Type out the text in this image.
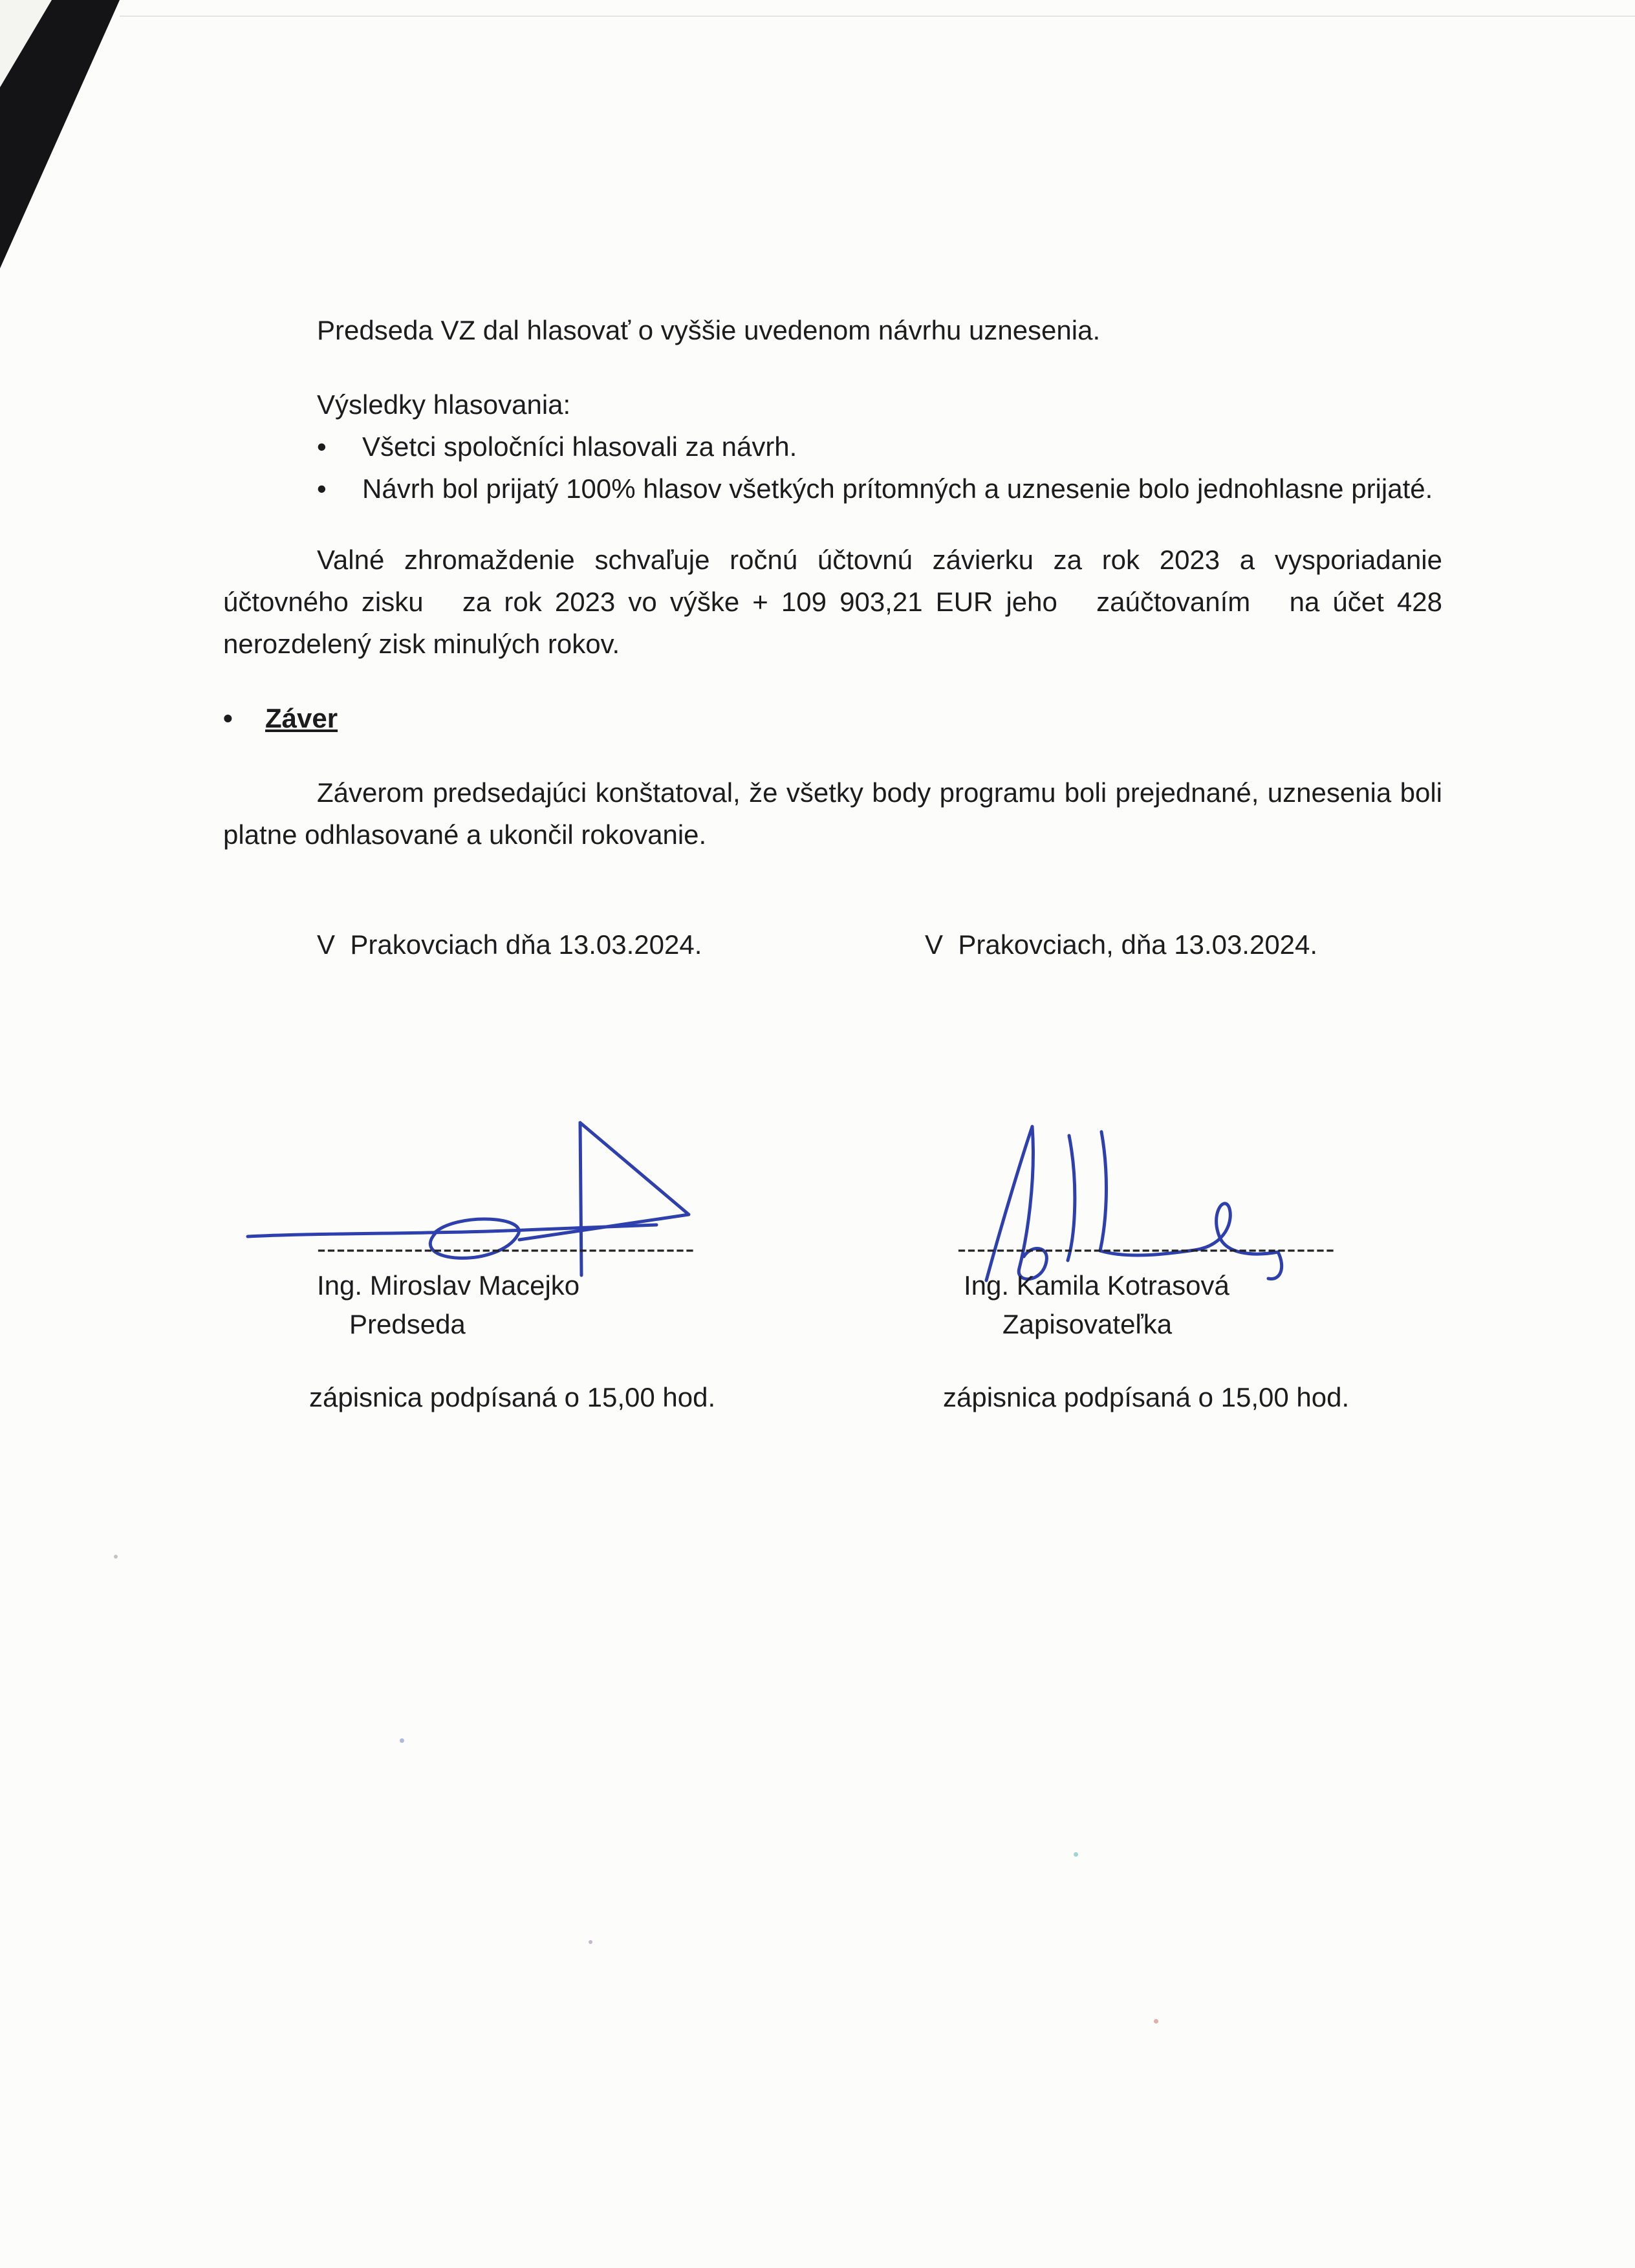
Predseda VZ dal hlasovať o vyššie uvedenom návrhu uznesenia.

Výsledky hlasovania:

• Všetci spoločníci hlasovali za návrh.
• Návrh bol prijatý 100% hlasov všetkých prítomných a uznesenie bolo jednohlasne prijaté.

Valné zhromaždenie schvaľuje ročnú účtovnú závierku za rok 2023 a vysporiadanie účtovného zisku   za rok 2023 vo výške + 109 903,21 EUR jeho   zaúčtovaním   na účet 428 nerozdelený zisk minulých rokov.

• Záver

Záverom predsedajúci konštatoval, že všetky body programu boli prejednané, uznesenia boli platne odhlasované a ukončil rokovanie.

V  Prakovciach dňa 13.03.2024.	V  Prakovciach, dňa 13.03.2024.
---------------------------------------	---------------------------------------
Ing. Miroslav Macejko	Ing. Kamila Kotrasová
Predseda	Zapisovateľka
zápisnica podpísaná o 15,00 hod.	zápisnica podpísaná o 15,00 hod.
